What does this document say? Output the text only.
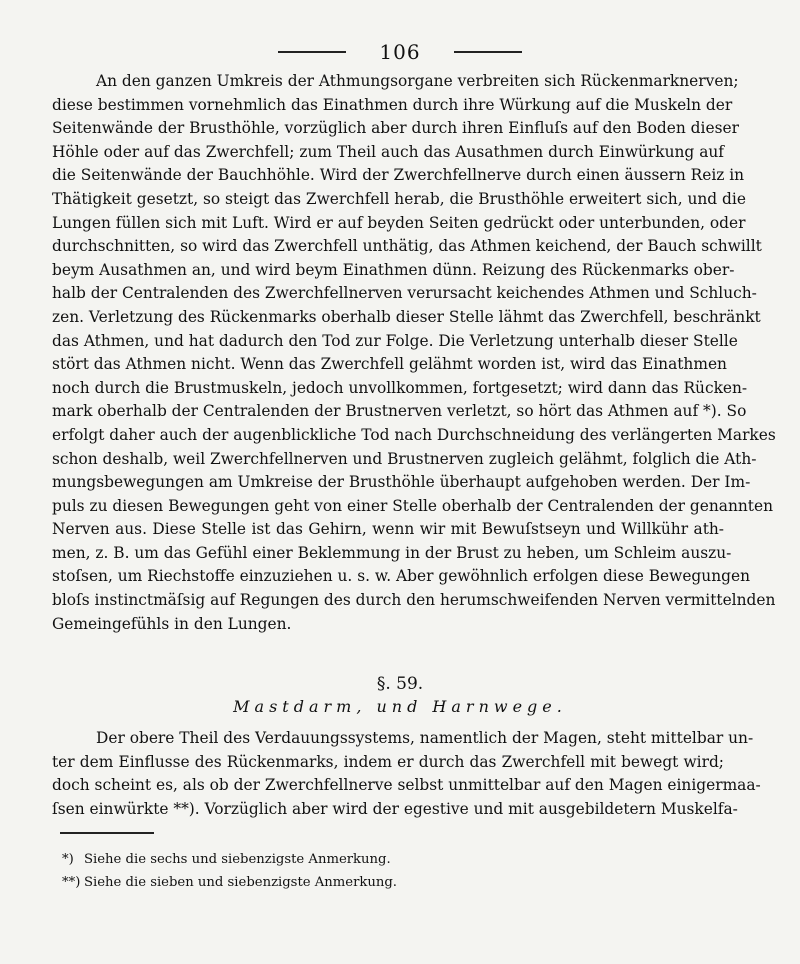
106
An den ganzen Umkreis der Athmungsorgane verbreiten sich Rückenmarknerven;
diese bestimmen vornehmlich das Einathmen durch ihre Würkung auf die Muskeln der
Seitenwände der Brusthöhle, vorzüglich aber durch ihren Einfluſs auf den Boden dieser
Höhle oder auf das Zwerchfell; zum Theil auch das Ausathmen durch Einwürkung auf
die Seitenwände der Bauchhöhle. Wird der Zwerchfellnerve durch einen äussern Reiz in
Thätigkeit gesetzt, so steigt das Zwerchfell herab, die Brusthöhle erweitert sich, und die
Lungen füllen sich mit Luft. Wird er auf beyden Seiten gedrückt oder unterbunden, oder
durchschnitten, so wird das Zwerchfell unthätig, das Athmen keichend, der Bauch schwillt
beym Ausathmen an, und wird beym Einathmen dünn. Reizung des Rückenmarks ober-
halb der Centralenden des Zwerchfellnerven verursacht keichendes Athmen und Schluch-
zen. Verletzung des Rückenmarks oberhalb dieser Stelle lähmt das Zwerchfell, beschränkt
das Athmen, und hat dadurch den Tod zur Folge. Die Verletzung unterhalb dieser Stelle
stört das Athmen nicht. Wenn das Zwerchfell gelähmt worden ist, wird das Einathmen
noch durch die Brustmuskeln, jedoch unvollkommen, fortgesetzt; wird dann das Rücken-
mark oberhalb der Centralenden der Brustnerven verletzt, so hört das Athmen auf *). So
erfolgt daher auch der augenblickliche Tod nach Durchschneidung des verlängerten Markes
schon deshalb, weil Zwerchfellnerven und Brustnerven zugleich gelähmt, folglich die Ath-
mungsbewegungen am Umkreise der Brusthöhle überhaupt aufgehoben werden. Der Im-
puls zu diesen Bewegungen geht von einer Stelle oberhalb der Centralenden der genannten
Nerven aus. Diese Stelle ist das Gehirn, wenn wir mit Bewuſstseyn und Willkühr ath-
men, z. B. um das Gefühl einer Beklemmung in der Brust zu heben, um Schleim auszu-
stoſsen, um Riechstoffe einzuziehen u. s. w. Aber gewöhnlich erfolgen diese Bewegungen
bloſs instinctmäſsig auf Regungen des durch den herumschweifenden Nerven vermittelnden
Gemeingefühls in den Lungen.
§. 59.
Mastdarm, und Harnwege.
Der obere Theil des Verdauungssystems, namentlich der Magen, steht mittelbar un-
ter dem Einflusse des Rückenmarks, indem er durch das Zwerchfell mit bewegt wird;
doch scheint es, als ob der Zwerchfellnerve selbst unmittelbar auf den Magen einigermaa-
ſsen einwürkte **). Vorzüglich aber wird der egestive und mit ausgebildetern Muskelfa-
*) Siehe die sechs und siebenzigste Anmerkung.
**) Siehe die sieben und siebenzigste Anmerkung.
